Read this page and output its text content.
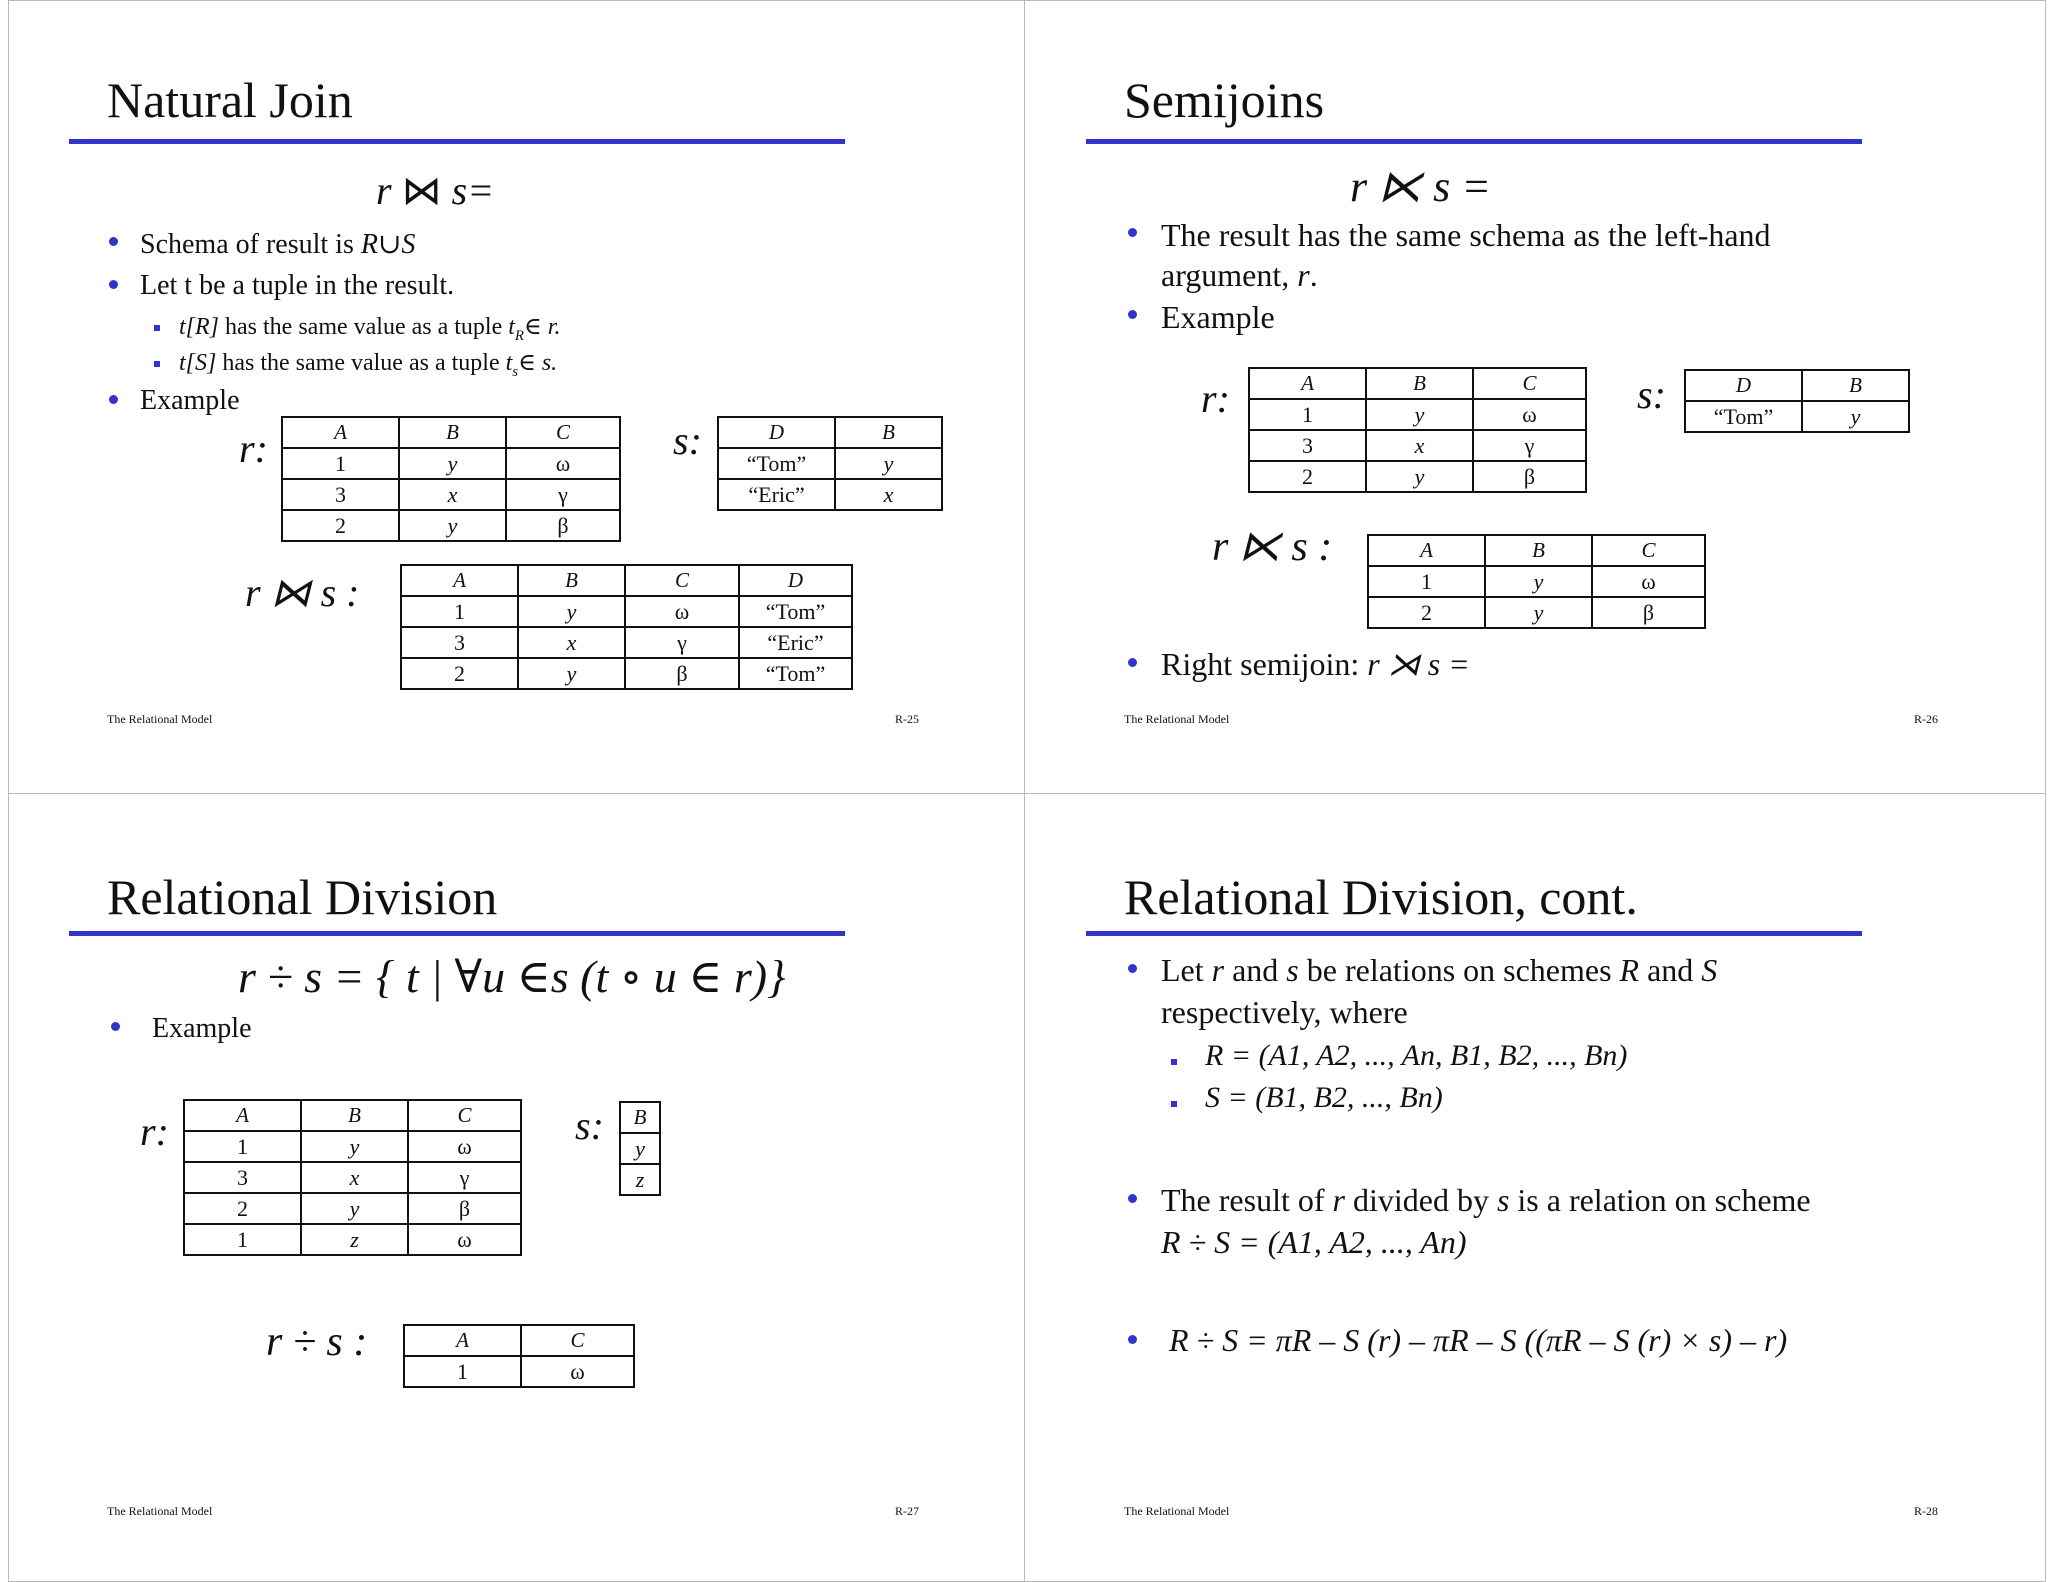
Natural Join
r ⋈ s=
Schema of result is R∪S
Let t be a tuple in the result.
t[R] has the same value as a tuple $t_R\in$ r.
t[S] has the same value as a tuple $t_s\in$ s.
Example
r:	A	B	C
1	y	ω
3	x	γ
2	y	β
s:	D	B
“Tom”	y
“Eric”	x
r ⋈ s :	A	B	C	D
1	y	ω	“Tom”
3	x	γ	“Eric”
2	y	β	“Tom”
The Relational Model	R-25
Semijoins
r ⋉ s =
The result has the same schema as the left-hand
argument, r.
Example
r:	A	B	C
1	y	ω
3	x	γ
2	y	β
s:	D	B
“Tom”	y
r ⋉ s :	A	B	C
1	y	ω
2	y	β
Right semijoin: r ⋊ s =
The Relational Model	R-26
Relational Division
r ÷ s = { t | ∀u ∈s (t ∘ u ∈ r)}
Example
r:	A	B	C
1	y	ω
3	x	γ
2	y	β
1	z	ω
s: B
y
z
r ÷ s :	A	C
1	ω
The Relational Model	R-27
Relational Division, cont.
Let r and s be relations on schemes R and S
respectively, where
R = (A1, A2, ..., An, B1, B2, ..., Bn)
S = (B1, B2, ..., Bn)
The result of r divided by s is a relation on scheme
R ÷ S = (A1, A2, ..., An)
R ÷ S = πR – S (r) – πR – S ((πR – S (r) × s) – r)
The Relational Model	R-28
